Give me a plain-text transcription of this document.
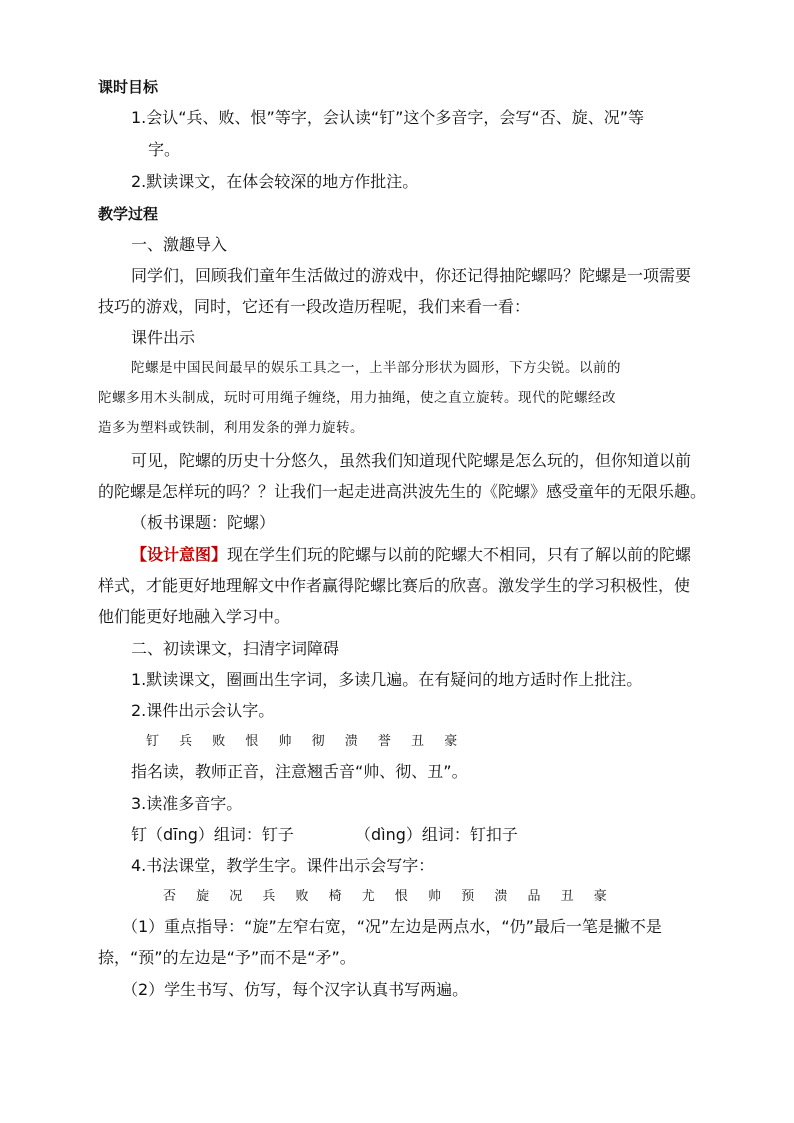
课时目标
1.会认“兵、败、恨”等字，会认读“钉”这个多音字，会写“否、旋、况”等
字。
2.默读课文，在体会较深的地方作批注。
教学过程
一、激趣导入
同学们，回顾我们童年生活做过的游戏中，你还记得抽陀螺吗？陀螺是一项需要
技巧的游戏，同时，它还有一段改造历程呢，我们来看一看：
课件出示
陀螺是中国民间最早的娱乐工具之一，上半部分形状为圆形，下方尖锐。以前的
陀螺多用木头制成，玩时可用绳子缠绕，用力抽绳，使之直立旋转。现代的陀螺经改
造多为塑料或铁制，利用发条的弹力旋转。
可见，陀螺的历史十分悠久，虽然我们知道现代陀螺是怎么玩的，但你知道以前
的陀螺是怎样玩的吗？？让我们一起走进高洪波先生的《陀螺》感受童年的无限乐趣。
（板书课题：陀螺）
【设计意图】现在学生们玩的陀螺与以前的陀螺大不相同，只有了解以前的陀螺
样式，才能更好地理解文中作者赢得陀螺比赛后的欣喜。激发学生的学习积极性，使
他们能更好地融入学习中。
二、初读课文，扫清字词障碍
1.默读课文，圈画出生字词，多读几遍。在有疑问的地方适时作上批注。
2.课件出示会认字。
钉 兵 败 恨 帅 彻 溃 誉 丑 豪
指名读，教师正音，注意翘舌音“帅、彻、丑”。
3.读准多音字。
钉（dīng）组词：钉子	（dìng）组词：钉扣子
4.书法课堂，教学生字。课件出示会写字：
否 旋 况 兵 败 椅 尤 恨 帅 预 溃 品 丑 豪
（1）重点指导：“旋”左窄右宽，“况”左边是两点水，“仍”最后一笔是撇不是
捺，“预”的左边是“予”而不是“矛”。
（2）学生书写、仿写，每个汉字认真书写两遍。
